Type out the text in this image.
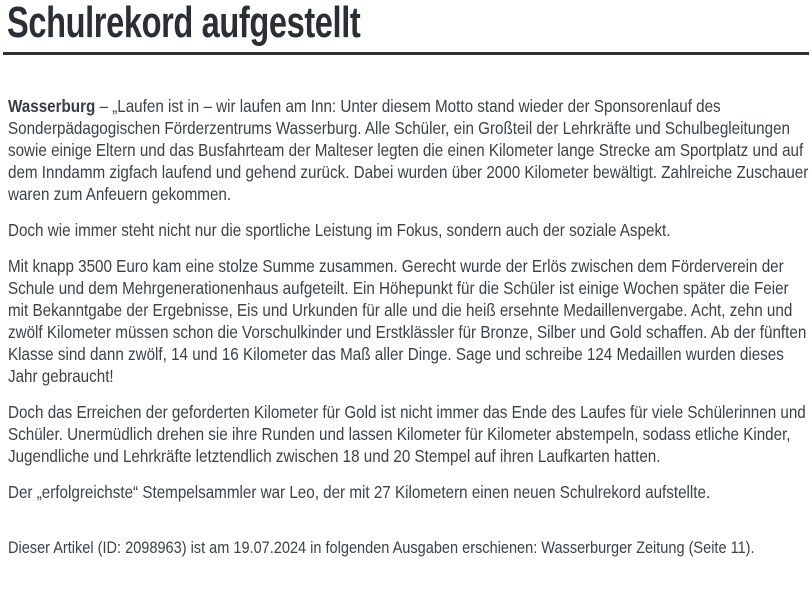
Schulrekord aufgestellt

Wasserburg – „Laufen ist in – wir laufen am Inn: Unter diesem Motto stand wieder der Sponsorenlauf des Sonderpädagogischen Förderzentrums Wasserburg. Alle Schüler, ein Großteil der Lehrkräfte und Schulbegleitungen sowie einige Eltern und das Busfahrteam der Malteser legten die einen Kilometer lange Strecke am Sportplatz und auf dem Inndamm zigfach laufend und gehend zurück. Dabei wurden über 2000 Kilometer bewältigt. Zahlreiche Zuschauer waren zum Anfeuern gekommen.

Doch wie immer steht nicht nur die sportliche Leistung im Fokus, sondern auch der soziale Aspekt.

Mit knapp 3500 Euro kam eine stolze Summe zusammen. Gerecht wurde der Erlös zwischen dem Förderverein der Schule und dem Mehrgenerationenhaus aufgeteilt. Ein Höhepunkt für die Schüler ist einige Wochen später die Feier mit Bekanntgabe der Ergebnisse, Eis und Urkunden für alle und die heiß ersehnte Medaillenvergabe. Acht, zehn und zwölf Kilometer müssen schon die Vorschulkinder und Erstklässler für Bronze, Silber und Gold schaffen. Ab der fünften Klasse sind dann zwölf, 14 und 16 Kilometer das Maß aller Dinge. Sage und schreibe 124 Medaillen wurden dieses Jahr gebraucht!

Doch das Erreichen der geforderten Kilometer für Gold ist nicht immer das Ende des Laufes für viele Schülerinnen und Schüler. Unermüdlich drehen sie ihre Runden und lassen Kilometer für Kilometer abstempeln, sodass etliche Kinder, Jugendliche und Lehrkräfte letztendlich zwischen 18 und 20 Stempel auf ihren Laufkarten hatten.

Der „erfolgreichste“ Stempelsammler war Leo, der mit 27 Kilometern einen neuen Schulrekord aufstellte.

Dieser Artikel (ID: 2098963) ist am 19.07.2024 in folgenden Ausgaben erschienen: Wasserburger Zeitung (Seite 11).
